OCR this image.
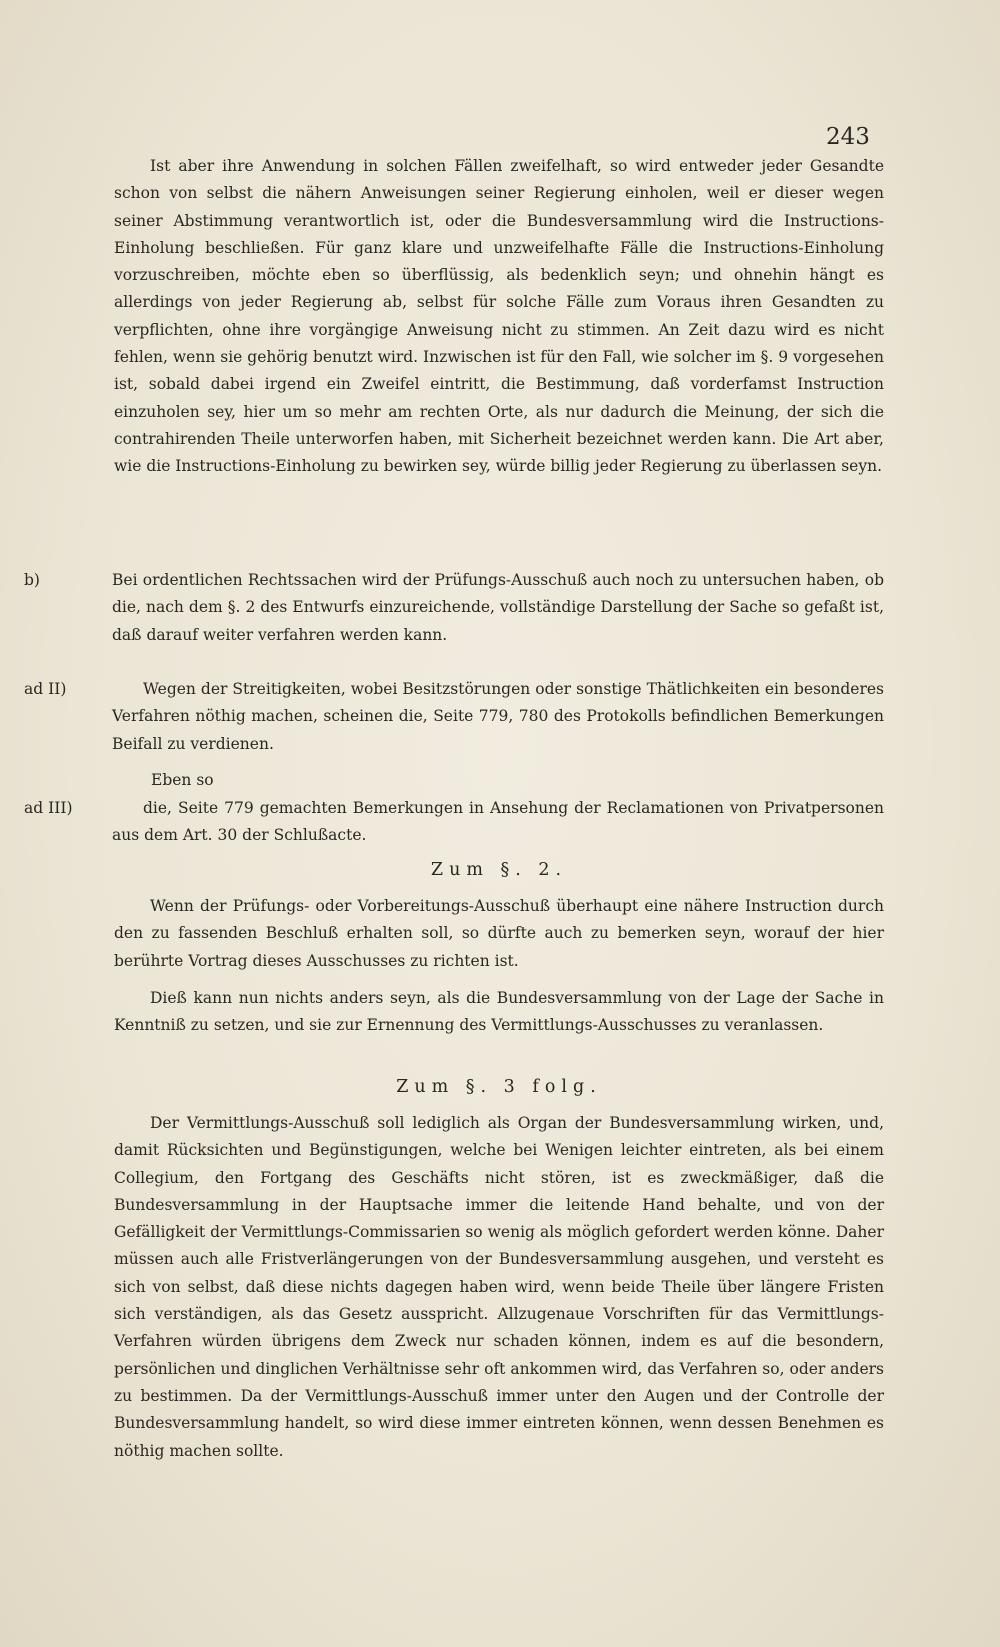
243

Ist aber ihre Anwendung in solchen Fällen zweifelhaft, so wird entweder jeder Gesandte schon von selbst die nähern Anweisungen seiner Regierung einholen, weil er dieser wegen seiner Abstimmung verantwortlich ist, oder die Bundesversammlung wird die Instructions-Einholung beschließen. Für ganz klare und unzweifelhafte Fälle die Instructions-Einholung vorzuschreiben, möchte eben so überflüssig, als bedenklich seyn; und ohnehin hängt es allerdings von jeder Regierung ab, selbst für solche Fälle zum Voraus ihren Gesandten zu verpflichten, ohne ihre vorgängige Anweisung nicht zu stimmen. An Zeit dazu wird es nicht fehlen, wenn sie gehörig benutzt wird. Inzwischen ist für den Fall, wie solcher im §. 9 vorgesehen ist, sobald dabei irgend ein Zweifel eintritt, die Bestimmung, daß vorderfamst Instruction einzuholen sey, hier um so mehr am rechten Orte, als nur dadurch die Meinung, der sich die contrahirenden Theile unterworfen haben, mit Sicherheit bezeichnet werden kann. Die Art aber, wie die Instructions-Einholung zu bewirken sey, würde billig jeder Regierung zu überlassen seyn.

b)	Bei ordentlichen Rechtssachen wird der Prüfungs-Ausschuß auch noch zu untersuchen haben, ob die, nach dem §. 2 des Entwurfs einzureichende, vollständige Darstellung der Sache so gefaßt ist, daß darauf weiter verfahren werden kann.

ad II)	Wegen der Streitigkeiten, wobei Besitzstörungen oder sonstige Thätlichkeiten ein besonderes Verfahren nöthig machen, scheinen die, Seite 779, 780 des Protokolls befindlichen Bemerkungen Beifall zu verdienen.

Eben so

ad III)	die, Seite 779 gemachten Bemerkungen in Ansehung der Reclamationen von Privatpersonen aus dem Art. 30 der Schlußacte.

Zum §. 2.

Wenn der Prüfungs- oder Vorbereitungs-Ausschuß überhaupt eine nähere Instruction durch den zu fassenden Beschluß erhalten soll, so dürfte auch zu bemerken seyn, worauf der hier berührte Vortrag dieses Ausschusses zu richten ist.

Dieß kann nun nichts anders seyn, als die Bundesversammlung von der Lage der Sache in Kenntniß zu setzen, und sie zur Ernennung des Vermittlungs-Ausschusses zu veranlassen.

Zum §. 3 folg.

Der Vermittlungs-Ausschuß soll lediglich als Organ der Bundesversammlung wirken, und, damit Rücksichten und Begünstigungen, welche bei Wenigen leichter eintreten, als bei einem Collegium, den Fortgang des Geschäfts nicht stören, ist es zweckmäßiger, daß die Bundesversammlung in der Hauptsache immer die leitende Hand behalte, und von der Gefälligkeit der Vermittlungs-Commissarien so wenig als möglich gefordert werden könne. Daher müssen auch alle Fristverlängerungen von der Bundesversammlung ausgehen, und versteht es sich von selbst, daß diese nichts dagegen haben wird, wenn beide Theile über längere Fristen sich verständigen, als das Gesetz ausspricht. Allzugenaue Vorschriften für das Vermittlungs-Verfahren würden übrigens dem Zweck nur schaden können, indem es auf die besondern, persönlichen und dinglichen Verhältnisse sehr oft ankommen wird, das Verfahren so, oder anders zu bestimmen. Da der Vermittlungs-Ausschuß immer unter den Augen und der Controlle der Bundesversammlung handelt, so wird diese immer eintreten können, wenn dessen Benehmen es nöthig machen sollte.
